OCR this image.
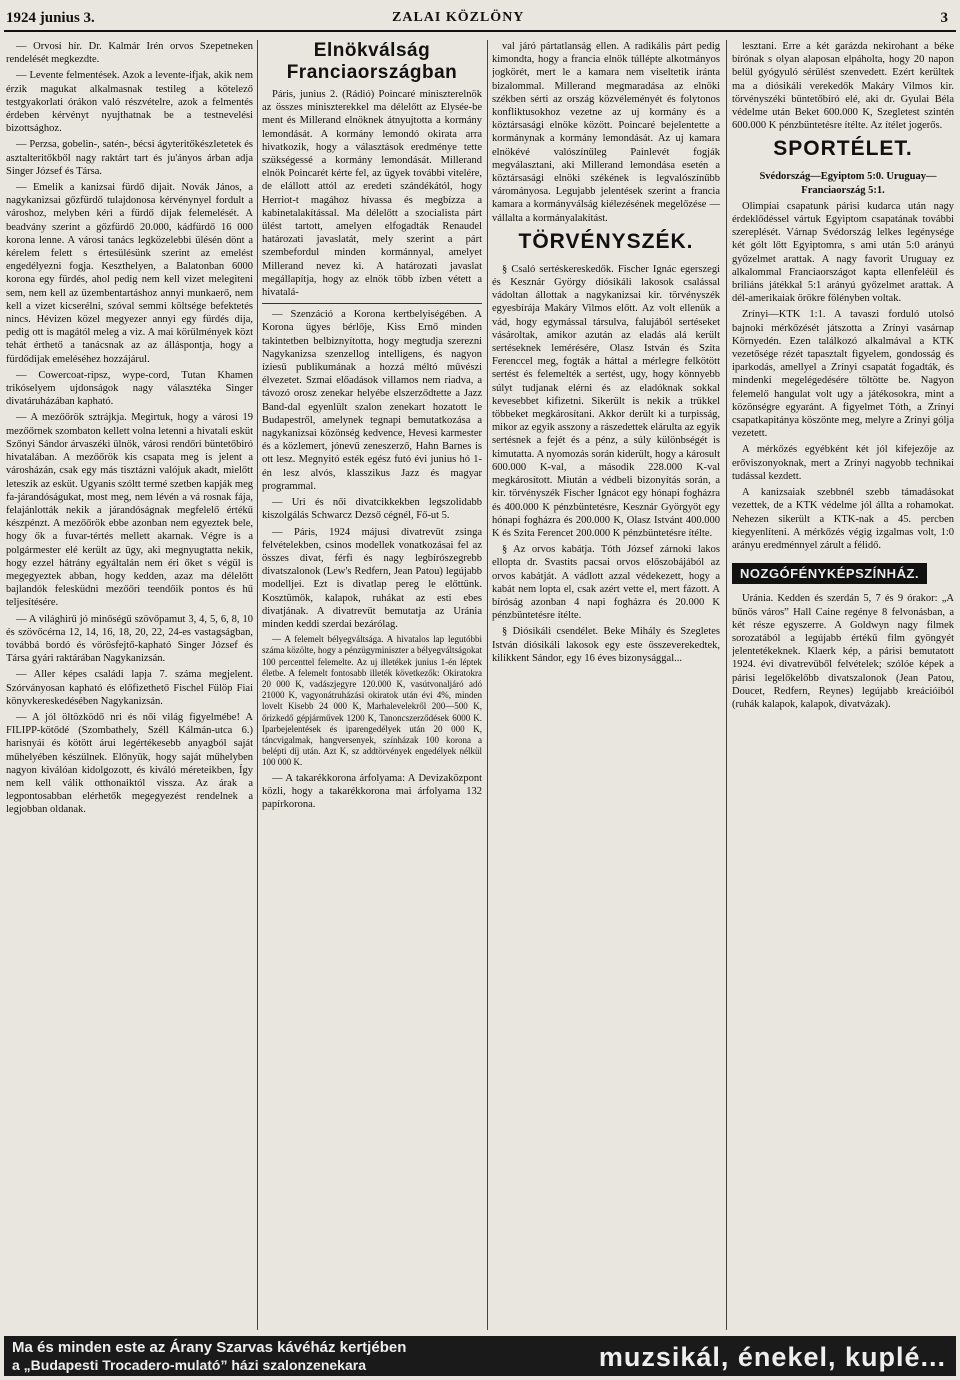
1924 junius 3.	ZALAI KÖZLÖNY	3

— Orvosi hír. Dr. Kalmár Irén orvos Szepetneken rendelését megkezdte.

— Levente felmentések. Azok a levente-ifjak, akik nem érzik magukat alkalmasnak testileg a kötelező testgyakorlati órákon való részvételre, azok a felmentés érdeben kérvényt nyujthatnak be a testnevelési bizottsághoz.

— Perzsa, gobelin-, satén-, bécsi ágyteritőkészletetek és asztalteritőkből nagy raktárt tart és ju'ányos árban adja Singer József és Társa.

— Emelik a kanizsai fürdő dijait. Novák János, a nagykanizsai gőzfürdő tulajdonosa kérvénynyel fordult a városhoz, melyben kéri a fürdő dijak felemelését. A beadvány szerint a gőzfürdő 20.000, kádfürdő 16 000 korona lenne. A városi tanács legközelebbi ülésén dönt a kérelem felett s értesülésünk szerint az emelést engedélyezni fogja. Keszthelyen, a Balatonban 6000 korona egy fürdés, ahol pedig nem kell vizet melegiteni sem, nem kell az üzembentartáshoz annyi munkaerő, nem kell a vizet kicserélni, szóval semmi költsége befektetés nincs. Hévizen közel megyezer annyi egy fürdés dija, pedig ott is magától meleg a viz. A mai körülmények közt tehát érthető a tanácsnak az az álláspontja, hogy a fürdődijak emeléséhez hozzájárul.

— Cowercoat-ripsz, wype-cord, Tutan Khamen trikóselyem ujdonságok nagy választéka Singer divatáruházában kapható.

— A mezőőrök sztrájkja. Megirtuk, hogy a városi 19 mezőőrnek szombaton kellett volna letenni a hivatali esküt Szőnyi Sándor árvaszéki ülnök, városi rendőri büntetőbiró hivatalában. A mezőőrök kis csapata meg is jelent a városházán, csak egy más tisztázni valójuk akadt, mielőtt leteszik az esküt. Ugyanis szóltt termé szetben kapják meg fa-járandóságukat, most meg, nem lévén a vá rosnak fája, felajánlották nekik a járandóságnak megfelelő értékű készpénzt. A mezőőrök ebbe azonban nem egyeztek bele, hogy ők a fuvar-tértés mellett akarnak. Végre is a polgármester elé került az ügy, aki megnyugtatta nekik, hogy ezzel hátrány egyáltalán nem éri őket s végül is megegyeztek abban, hogy kedden, azaz ma délelőtt bajlandók felesküdni mezőőri teendőik pontos és hű teljesítésére.

— A világhirű jó minőségű szövőpamut 3, 4, 5, 6, 8, 10 és szövőcérna 12, 14, 16, 18, 20, 22, 24-es vastagságban, továbbá bordó és vörösfejtő-kapható Singer József és Társa gyári raktárában Nagykanizsán.

— Aller képes családi lapja 7. száma megjelent. Szórványosan kapható és előfizethető Fischel Fülöp Fiai könyvkereskedésében Nagykanizsán.

— A jól öltözködő nri és női világ figyelmébe! A FILIPP-kötődé (Szombathely, Széll Kálmán-utca 6.) harisnyái és kötött árui legértékesebb anyagból saját műhelyében készülnek. Előnyük, hogy saját műhelyben nagyon kiválóan kidolgozott, és kiváló méreteikben, Így nem kell válik otthonaiktól vissza. Az árak a legpontosabban elérhetők megegyezést rendelnek a legjobban oldanak.

Elnökválság Franciaországban

Páris, junius 2. (Rádió) Poincaré miniszterelnök az összes miniszterekkel ma délelőtt az Elysée-be ment és Millerand elnöknek átnyujtotta a kormány lemondását. A kormány lemondó okirata arra hivatkozik, hogy a választások eredménye tette szükségessé a kormány lemondását. Millerand elnök Poincarét kérte fel, az ügyek további vitelére, de elállott attól az eredeti szándékától, hogy Herriot-t magához hívassa és megbízza a kabinetalakítással. Ma délelőtt a szocialista párt ülést tartott, amelyen elfogadták Renaudel határozati javaslatát, mely szerint a párt szembefordul minden kormánnyal, amelyet Millerand nevez ki. A határozati javaslat megállapítja, hogy az elnök több ízben vétett a hivatalá-

— Szenzáció a Korona kertbelyiségében. A Korona ügyes bérlője, Kiss Ernő minden takintetben belbiznyította, hogy megtudja szerezni Nagykanizsa szenzellog intelligens, és nagyon íziesű publikumának a hozzá méltó művészi élvezetet. Szmai előadások villamos nem riadva, a távozó orosz zenekar helyébe elszerződtette a Jazz Band-dal egyenlült szalon zenekart hozatott le Budapestről, amelynek tegnapi bemutatkozása a nagykanizsai közönség kedvence, Hevesi karmester és a közlemert, jónevű zeneszerző, Hahn Barnes is ott lesz. Megnyitó esték egész futó évi junius hó 1-én lesz alvós, klasszikus Jazz és magyar programmal.

— Uri és női divatcikkekben legszolidabb kiszolgálás Schwarcz Dezső cégnél, Fő-ut 5.

— Páris, 1924 májusi divatrevüt zsinga felvételekben, csinos modellek vonatkozásai fel az összes divat, férfi és nagy legbírószegrebb divatszalonok (Lew's Redfern, Jean Patou) legújabb modelljei. Ezt is divatlap pereg le előttünk. Kosztümök, kalapok, ruhákat az esti ebes divatjának. A divatrevüt bemutatja az Uránia minden keddi szerdai bezárólag.

— A felemelt bélyegváltsága. A hivatalos lap legutóbbi száma közölte, hogy a pénzügyminiszter a bélyegváltságokat 100 percenttel felemelte. Az uj illetékek junius 1-én léptek életbe. A felemelt fontosabb illeték következők: Okiratokra 20 000 K, vadászjegyre 120.000 K, vasútvonaljáró adó 21000 K, vagyonátruházási okiratok után évi 4%, minden lovelt Kisebb 24 000 K, Marhalevelekről 200—500 K, őrizkedő gépjárművek 1200 K, Tanoncszerződések 6000 K. Iparbejelentések és iparengedélyek után 20 000 K, táncvigalmak, hangversenyek, színházak 100 korona a belépti díj után. Azt K, sz addtörvények engedélyek nélkül 100 000 K.

— A takarékkorona árfolyama: A Devizaközpont közli, hogy a takarékkorona mai árfolyama 132 papírkorona.

val járó pártatlanság ellen. A radikális párt pedig kimondta, hogy a francia elnök túllépte alkotmányos jogkörét, mert le a kamara nem viseltetik iránta bizalommal. Millerand megmaradása az elnöki székben sérti az ország közvéleményét és folytonos konfliktusokhoz vezetne az uj kormány és a köztársasági elnöke között. Poincaré bejelentette a kormánynak a kormány lemondását. Az uj kamara elnökévé valószínűleg Painlevét fogják megválasztani, aki Millerand lemondása esetén a köztársasági elnöki székének is legvalószínűbb várományosa. Legujabb jelentések szerint a francia kamara a kormányválság kiélezésének megelőzése — vállalta a kormányalakítást.

TÖRVÉNYSZÉK.

§ Csaló sertéskereskedők. Fischer Ignác egerszegi és Kesznár György diósikáli lakosok csalással vádoltan állottak a nagykanizsai kir. törvényszék egyesbírája Makáry Vilmos előtt. Az volt ellenük a vád, hogy egymással társulva, falujából sertéseket vásároltak, amikor azután az eladás alá került sertéseknek lemérésére, Olasz István és Szita Ferenccel meg, fogták a háttal a mérlegre felkötött sertést és felemelték a sertést, ugy, hogy könnyebb súlyt tudjanak elérni és az eladóknak sokkal kevesebbet kifizetni. Sikerült is nekik a trükkel többeket megkárosítani. Akkor derült ki a turpisság, mikor az egyik asszony a rászedettek elárulta az egyik sertésnek a fejét és a pénz, a súly különbségét is kimutatta. A nyomozás során kiderült, hogy a károsult 600.000 K-val, a második 228.000 K-val megkárosított. Miután a védbeli bizonyítás során, a kir. törvényszék Fischer Ignácot egy hónapi fogházra és 400.000 K pénzbüntetésre, Kesznár Györgyöt egy hónapi fogházra és 200.000 K, Olasz Istvánt 400.000 K és Szita Ferencet 200.000 K pénzbüntetésre ítélte.

§ Az orvos kabátja. Tóth József zárnoki lakos ellopta dr. Svastits pacsai orvos előszobájából az orvos kabátját. A vádlott azzal védekezett, hogy a kabát nem lopta el, csak azért vette el, mert fázott. A bíróság azonban 4 napi fogházra és 20.000 K pénzbüntetésre ítélte.

§ Diósikáli csendélet. Beke Mihály és Szegletes István diósikáli lakosok egy este összeverekedtek, kilikkent Sándor, egy 16 éves bizonysággal...

lesztani. Erre a két garázda nekirohant a béke bírónak s olyan alaposan elpáholta, hogy 20 napon belül gyógyuló sérülést szenvedett. Ezért kerültek ma a diósikáli verekedők Makáry Vilmos kir. törvényszéki büntetőbíró elé, aki dr. Gyulai Béla védelme után Beket 600.000 K, Szegletest szintén 600.000 K pénzbüntetésre ítélte. Az ítélet jogerős.

SPORTÉLET.

Svédország—Egyiptom 5:0. Uruguay—Franciaország 5:1.

Olimpiai csapatunk párisi kudarca után nagy érdeklődéssel vártuk Egyiptom csapatának további szereplését. Várnap Svédország lelkes legénysége két gólt lőtt Egyiptomra, s ami után 5:0 arányú győzelmet arattak. A nagy favorit Uruguay ez alkalommal Franciaországot kapta ellenfeléül és briliáns játékkal 5:1 arányú győzelmet arattak. A dél-amerikaiak örökre fölényben voltak.

Zrínyi—KTK 1:1. A tavaszi forduló utolsó bajnoki mérkőzését játszotta a Zrínyi vasárnap Környedén. Ezen találkozó alkalmával a KTK vezetősége rézét tapasztalt figyelem, gondosság és iparkodás, amellyel a Zrínyi csapatát fogadták, és mindenki megelégedésére töltötte be. Nagyon felemelő hangulat volt ugy a játékosokra, mint a közönségre egyaránt. A figyelmet Tóth, a Zrínyi csapatkapitánya köszönte meg, melyre a Zrínyi gólja vezetett.

A mérkőzés egyébként két jól kifejezője az erőviszonyoknak, mert a Zrínyi nagyobb technikai tudással kezdett.

A kanizsaiak szebbnél szebb támadásokat vezettek, de a KTK védelme jól állta a rohamokat. Nehezen sikerült a KTK-nak a 45. percben kiegyenlíteni. A mérkőzés végig izgalmas volt, 1:0 arányu eredménnyel zárult a félidő.

NOZGÓFÉNYKÉPSZÍNHÁZ.

Uránia. Kedden és szerdán 5, 7 és 9 órakor: „A bűnös város” Hall Caine regénye 8 felvonásban, a két része egyszerre. A Goldwyn nagy filmek sorozatából a legújabb értékű film gyöngyét jelentetékeknek. Klaerk kép, a párisi bemutatott 1924. évi divatrevüből felvételek; szólóe képek a párisi legelőkelőbb divatszalonok (Jean Patou, Doucet, Redfern, Reynes) legújabb kreációiból (ruhák kalapok, kalapok, divatvázak).

Ma és minden este az Árany Szarvas kávéház kertjében
a „Budapesti Trocadero-mulató” házi szalonzenekara	muzsikál, énekel, kuplé...
